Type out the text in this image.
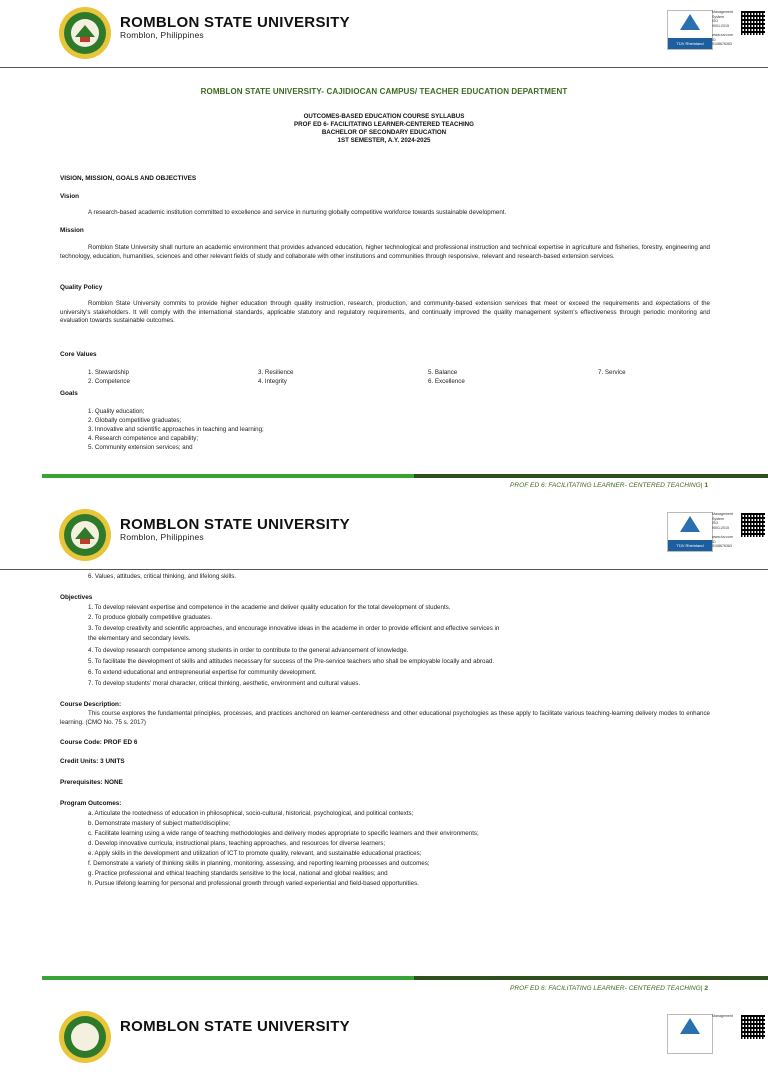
ROMBLON STATE UNIVERSITY
Romblon, Philippines
TÜV Rheinland CERTIFIED
Management
System
ISO 9001:2015

www.tuv.com
ID 9108676363
ROMBLON STATE UNIVERSITY- CAJIDIOCAN CAMPUS/ TEACHER EDUCATION DEPARTMENT
OUTCOMES-BASED EDUCATION COURSE SYLLABUS
PROF ED 6- FACILITATING LEARNER-CENTERED TEACHING
BACHELOR OF SECONDARY EDUCATION
1ST SEMESTER, A.Y. 2024-2025
VISION, MISSION, GOALS AND OBJECTIVES
Vision
A research-based academic institution committed to excellence and service in nurturing globally competitive workforce towards sustainable development.
Mission
Romblon State University shall nurture an academic environment that provides advanced education, higher technological and professional instruction and technical expertise in agriculture and fisheries, forestry, engineering and technology, education, humanities, sciences and other relevant fields of study and collaborate with other institutions and communities through responsive, relevant and research-based extension services.
Quality Policy
Romblon State University commits to provide higher education through quality instruction, research, production, and community-based extension services that meet or exceed the requirements and expectations of the university's stakeholders. It will comply with the international standards, applicable statutory and regulatory requirements, and continually improved the quality management system's effectiveness through periodic monitoring and evaluation towards sustainable outcomes.
Core Values
1. Stewardship
2. Competence
3. Resilience
4. Integrity
5. Balance
6. Excellence
7. Service
Goals
1. Quality education;
2. Globally competitive graduates;
3. Innovative and scientific approaches in teaching and learning;
4. Research competence and capability;
5. Community extension services; and
PROF ED 6: FACILITATING LEARNER- CENTERED TEACHING| 1
ROMBLON STATE UNIVERSITY
Romblon, Philippines
TÜV Rheinland CERTIFIED
Management
System
ISO 9001:2015

www.tuv.com
ID 9108676363
6. Values, attitudes, critical thinking, and lifelong skills.
Objectives
1. To develop relevant expertise and competence in the academe and deliver quality education for the total development of students.
2. To produce globally competitive graduates.
3. To develop creativity and scientific approaches, and encourage innovative ideas in the academe in order to provide efficient and effective services in
the elementary and secondary levels.
4. To develop research competence among students in order to contribute to the general advancement of knowledge.
5. To facilitate the development of skills and attitudes necessary for success of the Pre-service teachers who shall be employable locally and abroad.
6. To extend educational and entrepreneurial expertise for community development.
7. To develop students' moral character, critical thinking, aesthetic, environment and cultural values.
Course Description:
This course explores the fundamental principles, processes, and practices anchored on learner-centeredness and other educational psychologies as these apply to facilitate various teaching-learning delivery modes to enhance learning. (CMO No. 75 s. 2017)
Course Code: PROF ED 6
Credit Units: 3 UNITS
Prerequisites: NONE
Program Outcomes:
a. Articulate the rootedness of education in philosophical, socio-cultural, historical, psychological, and political contexts;
b. Demonstrate mastery of subject matter/discipline;
c. Facilitate learning using a wide range of teaching methodologies and delivery modes appropriate to specific learners and their environments;
d. Develop innovative curricula, instructional plans, teaching approaches, and resources for diverse learners;
e. Apply skills in the development and utilization of ICT to promote quality, relevant, and sustainable educational practices;
f. Demonstrate a variety of thinking skills in planning, monitoring, assessing, and reporting learning processes and outcomes;
g. Practice professional and ethical teaching standards sensitive to the local, national and global realities; and
h. Pursue lifelong learning for personal and professional growth through varied experiential and field-based opportunities.
PROF ED 6: FACILITATING LEARNER- CENTERED TEACHING| 2
ROMBLON STATE UNIVERSITY
Management
